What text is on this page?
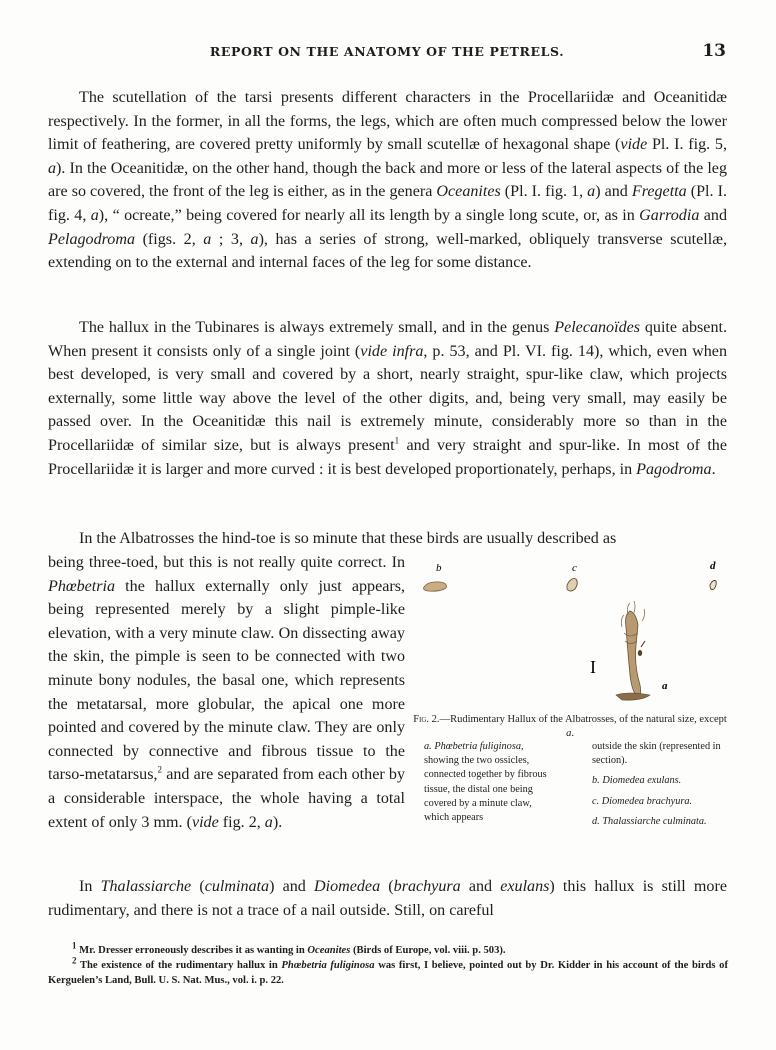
REPORT ON THE ANATOMY OF THE PETRELS.	13

The scutellation of the tarsi presents different characters in the Procellariidæ and Oceanitidæ respectively. In the former, in all the forms, the legs, which are often much compressed below the lower limit of feathering, are covered pretty uniformly by small scutellæ of hexagonal shape (vide Pl. I. fig. 5, a). In the Oceanitidæ, on the other hand, though the back and more or less of the lateral aspects of the leg are so covered, the front of the leg is either, as in the genera Oceanites (Pl. I. fig. 1, a) and Fregetta (Pl. I. fig. 4, a), “ ocreate,” being covered for nearly all its length by a single long scute, or, as in Garrodia and Pelagodroma (figs. 2, a ; 3, a), has a series of strong, well-marked, obliquely transverse scutellæ, extending on to the external and internal faces of the leg for some distance.

The hallux in the Tubinares is always extremely small, and in the genus Pelecanoïdes quite absent. When present it consists only of a single joint (vide infra, p. 53, and Pl. VI. fig. 14), which, even when best developed, is very small and covered by a short, nearly straight, spur-like claw, which projects externally, some little way above the level of the other digits, and, being very small, may easily be passed over. In the Oceanitidæ this nail is extremely minute, considerably more so than in the Procellariidæ of similar size, but is always present$^1$ and very straight and spur-like. In most of the Procellariidæ it is larger and more curved : it is best developed proportionately, perhaps, in Pagodroma.

In the Albatrosses the hind-toe is so minute that these birds are usually described as

being three-toed, but this is not really quite correct. In Phœbetria the hallux externally only just appears, being represented merely by a slight pimple-like elevation, with a very minute claw. On dissecting away the skin, the pimple is seen to be connected with two minute bony nodules, the basal one, which represents the metatarsal, more globular, the apical one more pointed and covered by the minute claw. They are only connected by connective and fibrous tissue to the tarso-metatarsus,$^2$ and are separated from each other by a considerable interspace, the whole having a total extent of only 3 mm. (vide fig. 2, a).
b	c	d
I
a
Fig. 2.—Rudimentary Hallux of the Albatrosses, of the natural size, except a.
a. Phœbetria fuliginosa, showing the two ossicles, connected together by fibrous tissue, the distal one being covered by a minute claw, which appears
outside the skin (represented in section).
b. Diomedea exulans.
c. Diomedea brachyura.
d. Thalassiarche culminata.

In Thalassiarche (culminata) and Diomedea (brachyura and exulans) this hallux is still more rudimentary, and there is not a trace of a nail outside. Still, on careful

$^1$ Mr. Dresser erroneously describes it as wanting in Oceanites (Birds of Europe, vol. viii. p. 503).

$^2$ The existence of the rudimentary hallux in Phœbetria fuliginosa was first, I believe, pointed out by Dr. Kidder in his account of the birds of Kerguelen’s Land, Bull. U. S. Nat. Mus., vol. i. p. 22.
